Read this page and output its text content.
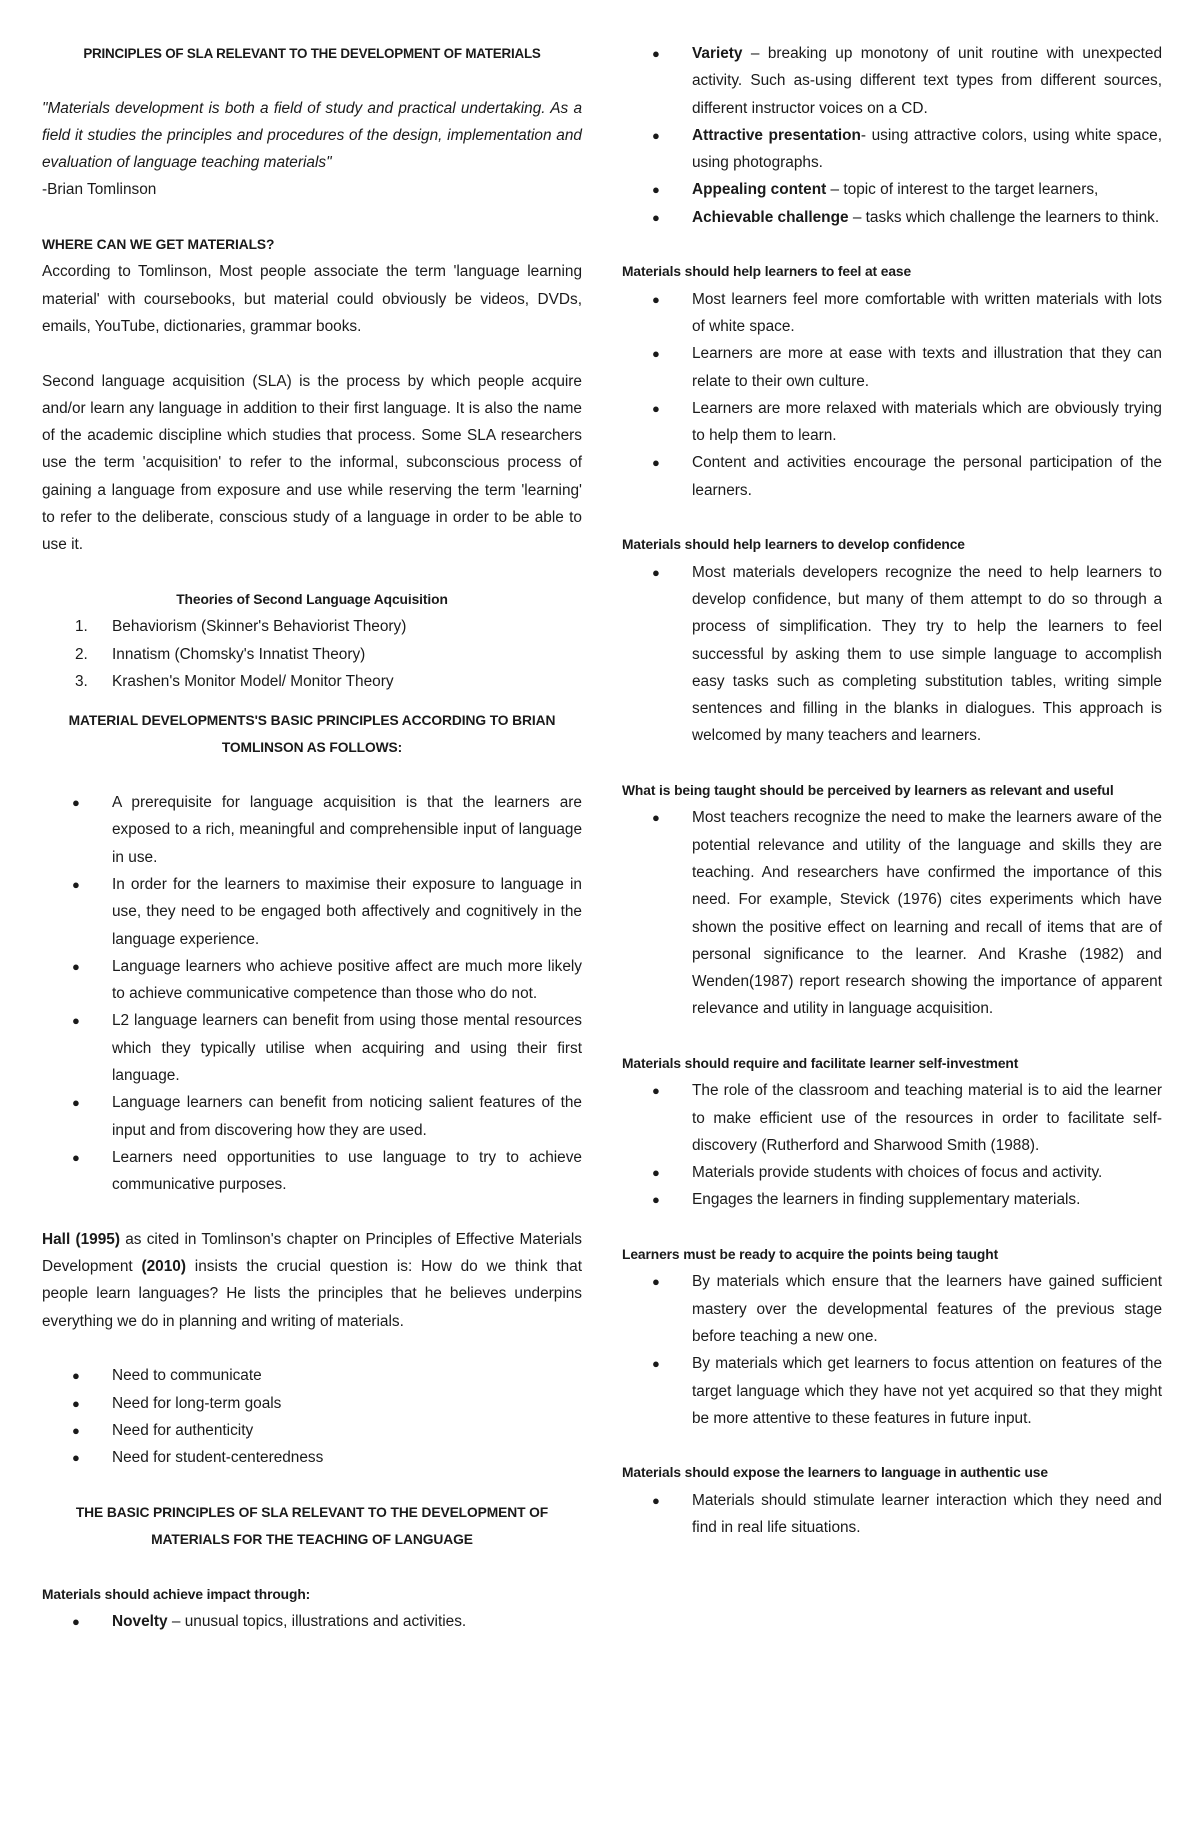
PRINCIPLES OF SLA RELEVANT TO THE DEVELOPMENT OF MATERIALS

"Materials development is both a field of study and practical undertaking. As a field it studies the principles and procedures of the design, implementation and evaluation of language teaching materials"

-Brian Tomlinson

WHERE CAN WE GET MATERIALS?

According to Tomlinson, Most people associate the term 'language learning material' with coursebooks, but material could obviously be videos, DVDs, emails, YouTube, dictionaries, grammar books.

Second language acquisition (SLA) is the process by which people acquire and/or learn any language in addition to their first language. It is also the name of the academic discipline which studies that process. Some SLA researchers use the term 'acquisition' to refer to the informal, subconscious process of gaining a language from exposure and use while reserving the term 'learning' to refer to the deliberate, conscious study of a language in order to be able to use it.

Theories of Second Language Aqcuisition

1. Behaviorism (Skinner's Behaviorist Theory)
2. Innatism (Chomsky's Innatist Theory)
3. Krashen's Monitor Model/ Monitor Theory

MATERIAL DEVELOPMENTS'S BASIC PRINCIPLES ACCORDING TO BRIAN TOMLINSON AS FOLLOWS:

● A prerequisite for language acquisition is that the learners are exposed to a rich, meaningful and comprehensible input of language in use.
● In order for the learners to maximise their exposure to language in use, they need to be engaged both affectively and cognitively in the language experience.
● Language learners who achieve positive affect are much more likely to achieve communicative competence than those who do not.
● L2 language learners can benefit from using those mental resources which they typically utilise when acquiring and using their first language.
● Language learners can benefit from noticing salient features of the input and from discovering how they are used.
● Learners need opportunities to use language to try to achieve communicative purposes.

Hall (1995) as cited in Tomlinson's chapter on Principles of Effective Materials Development (2010) insists the crucial question is: How do we think that people learn languages? He lists the principles that he believes underpins everything we do in planning and writing of materials.

● Need to communicate
● Need for long-term goals
● Need for authenticity
● Need for student-centeredness

THE BASIC PRINCIPLES OF SLA RELEVANT TO THE DEVELOPMENT OF MATERIALS FOR THE TEACHING OF LANGUAGE

Materials should achieve impact through:

● Novelty – unusual topics, illustrations and activities.
● Variety – breaking up monotony of unit routine with unexpected activity. Such as-using different text types from different sources, different instructor voices on a CD.
● Attractive presentation- using attractive colors, using white space, using photographs.
● Appealing content – topic of interest to the target learners,
● Achievable challenge – tasks which challenge the learners to think.

Materials should help learners to feel at ease

● Most learners feel more comfortable with written materials with lots of white space.
● Learners are more at ease with texts and illustration that they can relate to their own culture.
● Learners are more relaxed with materials which are obviously trying to help them to learn.
● Content and activities encourage the personal participation of the learners.

Materials should help learners to develop confidence

● Most materials developers recognize the need to help learners to develop confidence, but many of them attempt to do so through a process of simplification. They try to help the learners to feel successful by asking them to use simple language to accomplish easy tasks such as completing substitution tables, writing simple sentences and filling in the blanks in dialogues. This approach is welcomed by many teachers and learners.

What is being taught should be perceived by learners as relevant and useful

● Most teachers recognize the need to make the learners aware of the potential relevance and utility of the language and skills they are teaching. And researchers have confirmed the importance of this need. For example, Stevick (1976) cites experiments which have shown the positive effect on learning and recall of items that are of personal significance to the learner. And Krashe (1982) and Wenden(1987) report research showing the importance of apparent relevance and utility in language acquisition.

Materials should require and facilitate learner self-investment

● The role of the classroom and teaching material is to aid the learner to make efficient use of the resources in order to facilitate self-discovery (Rutherford and Sharwood Smith (1988).
● Materials provide students with choices of focus and activity.
● Engages the learners in finding supplementary materials.

Learners must be ready to acquire the points being taught

● By materials which ensure that the learners have gained sufficient mastery over the developmental features of the previous stage before teaching a new one.
● By materials which get learners to focus attention on features of the target language which they have not yet acquired so that they might be more attentive to these features in future input.

Materials should expose the learners to language in authentic use

● Materials should stimulate learner interaction which they need and find in real life situations.
